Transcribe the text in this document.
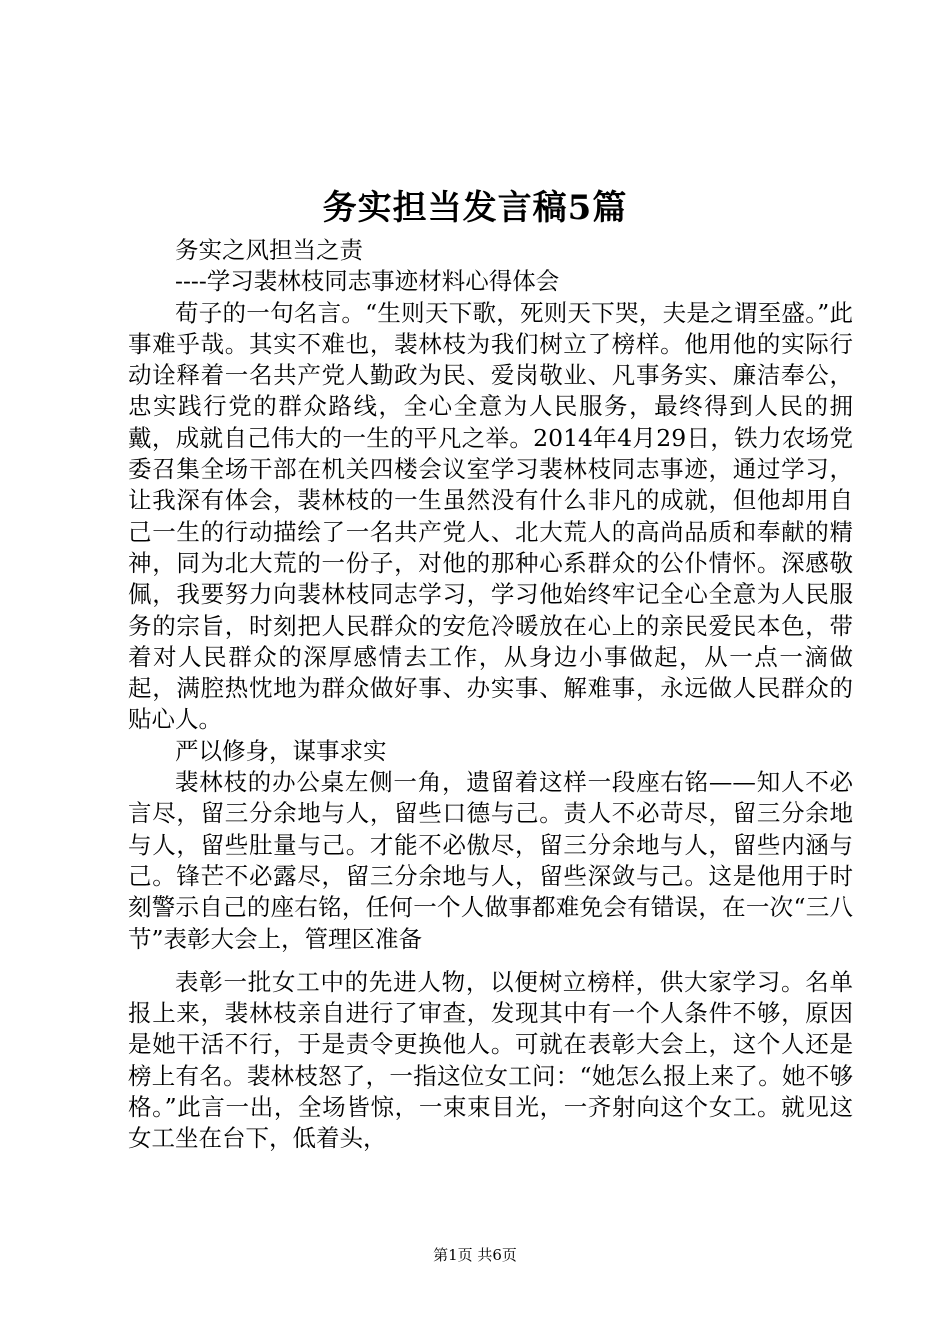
务实担当发言稿5篇

务实之风担当之责

----学习裴林枝同志事迹材料心得体会

荀子的一句名言。“生则天下歌，死则天下哭，夫是之谓至盛。”此事难乎哉。其实不难也，裴林枝为我们树立了榜样。他用他的实际行动诠释着一名共产党人勤政为民、爱岗敬业、凡事务实、廉洁奉公，忠实践行党的群众路线，全心全意为人民服务，最终得到人民的拥戴，成就自己伟大的一生的平凡之举。2014年4月29日，铁力农场党委召集全场干部在机关四楼会议室学习裴林枝同志事迹，通过学习，让我深有体会，裴林枝的一生虽然没有什么非凡的成就，但他却用自己一生的行动描绘了一名共产党人、北大荒人的高尚品质和奉献的精神，同为北大荒的一份子，对他的那种心系群众的公仆情怀。深感敬佩，我要努力向裴林枝同志学习，学习他始终牢记全心全意为人民服务的宗旨，时刻把人民群众的安危冷暖放在心上的亲民爱民本色，带着对人民群众的深厚感情去工作，从身边小事做起，从一点一滴做起，满腔热忱地为群众做好事、办实事、解难事，永远做人民群众的贴心人。

严以修身，谋事求实

裴林枝的办公桌左侧一角，遗留着这样一段座右铭——知人不必言尽，留三分余地与人，留些口德与己。责人不必苛尽，留三分余地与人，留些肚量与己。才能不必傲尽，留三分余地与人，留些内涵与己。锋芒不必露尽，留三分余地与人，留些深敛与己。这是他用于时刻警示自己的座右铭，任何一个人做事都难免会有错误，在一次“三八节”表彰大会上，管理区准备

表彰一批女工中的先进人物，以便树立榜样，供大家学习。名单报上来，裴林枝亲自进行了审查，发现其中有一个人条件不够，原因是她干活不行，于是责令更换他人。可就在表彰大会上，这个人还是榜上有名。裴林枝怒了，一指这位女工问：“她怎么报上来了。她不够格。”此言一出，全场皆惊，一束束目光，一齐射向这个女工。就见这女工坐在台下，低着头，

第1页 共6页
